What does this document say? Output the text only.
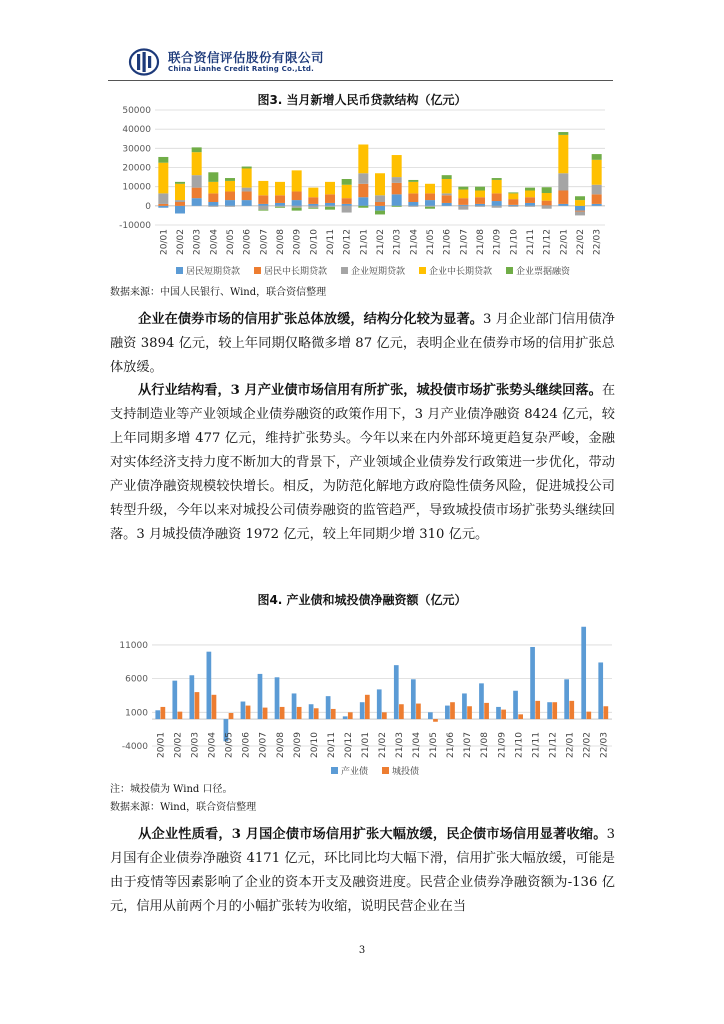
联合资信评估股份有限公司
China Lianhe Credit Rating Co.,Ltd.
图3. 当月新增人民币贷款结构（亿元）
-10000
0
10000
20000
30000
40000
50000
20/01 20/02 20/03 20/04 20/05 20/06 20/07 20/08 20/09 20/10 20/11 20/12 21/01 21/02 21/03 21/04 21/05 21/06 21/07 21/08 21/09 21/10 21/11 21/12 22/01 22/02 22/03
居民短期贷款	居民中长期贷款	企业短期贷款	企业中长期贷款	企业票据融资
数据来源：中国人民银行、Wind，联合资信整理

企业在债券市场的信用扩张总体放缓，结构分化较为显著。3 月企业部门信用债净融资 3894 亿元，较上年同期仅略微多增 87 亿元，表明企业在债券市场的信用扩张总体放缓。

从行业结构看，3 月产业债市场信用有所扩张，城投债市场扩张势头继续回落。在支持制造业等产业领域企业债券融资的政策作用下，3 月产业债净融资 8424 亿元，较上年同期多增 477 亿元，维持扩张势头。今年以来在内外部环境更趋复杂严峻，金融对实体经济支持力度不断加大的背景下，产业领域企业债券发行政策进一步优化，带动产业债净融资规模较快增长。相反，为防范化解地方政府隐性债务风险，促进城投公司转型升级，今年以来对城投公司债券融资的监管趋严，导致城投债市场扩张势头继续回落。3 月城投债净融资 1972 亿元，较上年同期少增 310 亿元。

图4. 产业债和城投债净融资额（亿元）
-4000
1000
6000
11000
20/01 20/02 20/03 20/04 20/05 20/06 20/07 20/08 20/09 20/10 20/11 20/12 21/01 21/02 21/03 21/04 21/05 21/06 21/07 21/08 21/09 21/10 21/11 21/12 22/01 22/02 22/03
产业债	城投债
注：城投债为 Wind 口径。
数据来源：Wind，联合资信整理

从企业性质看，3 月国企债市场信用扩张大幅放缓，民企债市场信用显著收缩。3 月国有企业债券净融资 4171 亿元，环比同比均大幅下滑，信用扩张大幅放缓，可能是由于疫情等因素影响了企业的资本开支及融资进度。民营企业债券净融资额为-136 亿元，信用从前两个月的小幅扩张转为收缩，说明民营企业在当

3
